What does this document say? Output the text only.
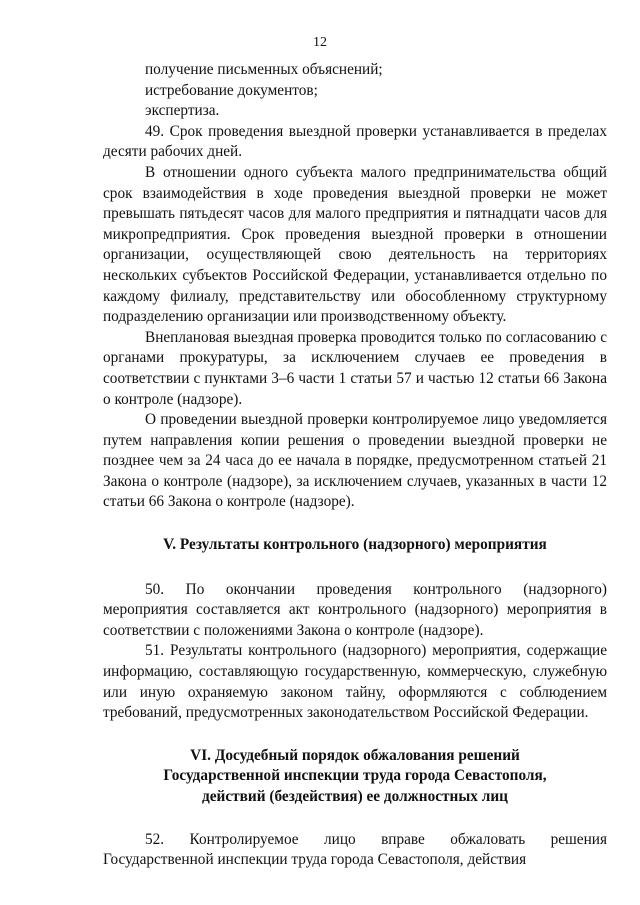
12

получение письменных объяснений;

истребование документов;

экспертиза.

49. Срок проведения выездной проверки устанавливается в пределах десяти рабочих дней.

В отношении одного субъекта малого предпринимательства общий срок взаимодействия в ходе проведения выездной проверки не может превышать пятьдесят часов для малого предприятия и пятнадцати часов для микропредприятия. Срок проведения выездной проверки в отношении организации, осуществляющей свою деятельность на территориях нескольких субъектов Российской Федерации, устанавливается отдельно по каждому филиалу, представительству или обособленному структурному подразделению организации или производственному объекту.

Внеплановая выездная проверка проводится только по согласованию с органами прокуратуры, за исключением случаев ее проведения в соответствии с пунктами 3–6 части 1 статьи 57 и частью 12 статьи 66 Закона о контроле (надзоре).

О проведении выездной проверки контролируемое лицо уведомляется путем направления копии решения о проведении выездной проверки не позднее чем за 24 часа до ее начала в порядке, предусмотренном статьей 21 Закона о контроле (надзоре), за исключением случаев, указанных в части 12 статьи 66 Закона о контроле (надзоре).

V. Результаты контрольного (надзорного) мероприятия

50. По окончании проведения контрольного (надзорного) мероприятия составляется акт контрольного (надзорного) мероприятия в соответствии с положениями Закона о контроле (надзоре).

51. Результаты контрольного (надзорного) мероприятия, содержащие информацию, составляющую государственную, коммерческую, служебную или иную охраняемую законом тайну, оформляются с соблюдением требований, предусмотренных законодательством Российской Федерации.

VI. Досудебный порядок обжалования решений

Государственной инспекции труда города Севастополя,

действий (бездействия) ее должностных лиц

52. Контролируемое лицо вправе обжаловать решения Государственной инспекции труда города Севастополя, действия
